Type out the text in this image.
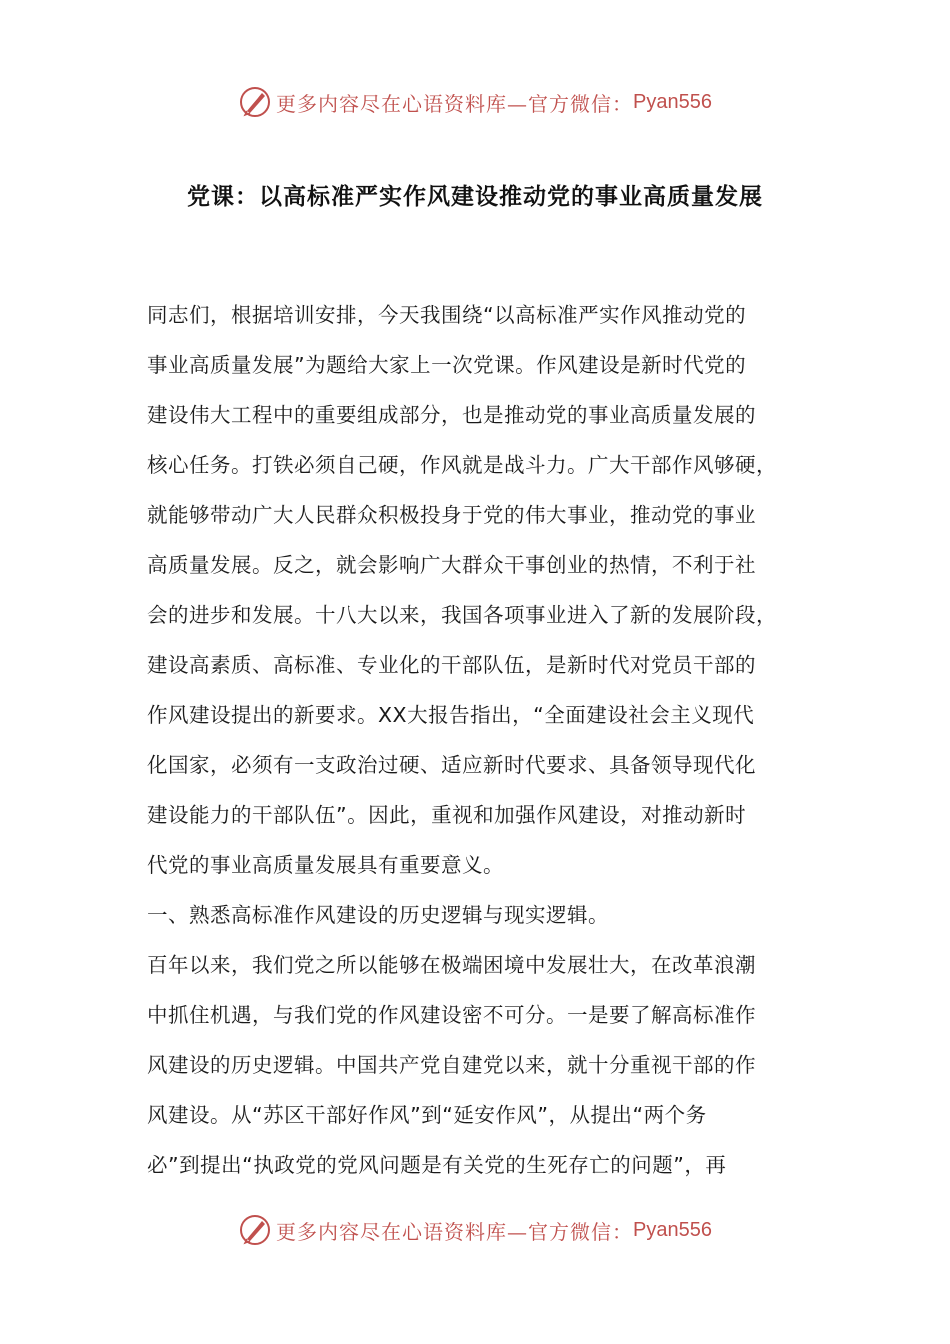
更多内容尽在心语资料库—官方微信： Pyan556
党课：以高标准严实作风建设推动党的事业高质量发展
同志们，根据培训安排，今天我围绕“以高标准严实作风推动党的
事业高质量发展”为题给大家上一次党课。作风建设是新时代党的
建设伟大工程中的重要组成部分，也是推动党的事业高质量发展的
核心任务。打铁必须自己硬，作风就是战斗力。广大干部作风够硬，
就能够带动广大人民群众积极投身于党的伟大事业，推动党的事业
高质量发展。反之，就会影响广大群众干事创业的热情，不利于社
会的进步和发展。十八大以来，我国各项事业进入了新的发展阶段，
建设高素质、高标准、专业化的干部队伍，是新时代对党员干部的
作风建设提出的新要求。XX大报告指出，“全面建设社会主义现代
化国家，必须有一支政治过硬、适应新时代要求、具备领导现代化
建设能力的干部队伍”。因此，重视和加强作风建设，对推动新时
代党的事业高质量发展具有重要意义。
一、熟悉高标准作风建设的历史逻辑与现实逻辑。
百年以来，我们党之所以能够在极端困境中发展壮大，在改革浪潮
中抓住机遇，与我们党的作风建设密不可分。一是要了解高标准作
风建设的历史逻辑。中国共产党自建党以来，就十分重视干部的作
风建设。从“苏区干部好作风”到“延安作风”，从提出“两个务
必”到提出“执政党的党风问题是有关党的生死存亡的问题”，再
更多内容尽在心语资料库—官方微信： Pyan556
